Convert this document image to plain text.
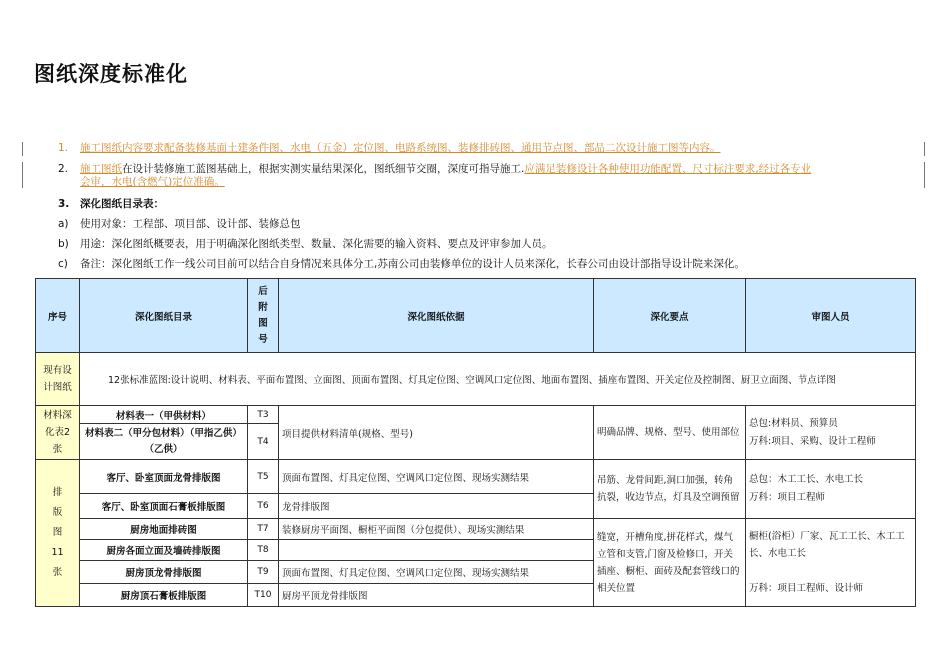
图纸深度标准化
1. 施工图纸内容要求配备装修基面土建条件图、水电（五金）定位图、电路系统图、装修排砖图、通用节点图、部品二次设计施工图等内容。
2. 施工图纸在设计装修施工蓝图基础上，根据实测实量结果深化，图纸细节交圈，深度可指导施工.应满足装修设计各种使用功能配置、尺寸标注要求,经过各专业
会审，水电(含燃气)定位准确。
3. 深化图纸目录表：
a) 使用对象：工程部、项目部、设计部、装修总包
b) 用途：深化图纸概要表，用于明确深化图纸类型、数量、深化需要的输入资料、要点及评审参加人员。
c) 备注：深化图纸工作一线公司目前可以结合自身情况来具体分工,苏南公司由装修单位的设计人员来深化，长春公司由设计部指导设计院来深化。
序号	深化图纸目录	后附图号	深化图纸依据	深化要点	审图人员
现有设计图纸	12张标准蓝图:设计说明、材料表、平面布置图、立面图、顶面布置图、灯具定位图、空调风口定位图、地面布置图、插座布置图、开关定位及控制图、厨卫立面图、节点详图				
材料深化表2张	材料表一（甲供材料）	T3	项目提供材料清单(规格、型号)	明确品牌、规格、型号、使用部位	总包:材料员、预算员
万科:项目、采购、设计工程师

	材料表二（甲分包材料）（甲指乙供）（乙供）	T4			
排版图11张	客厅、卧室顶面龙骨排版图	T5	顶面布置图、灯具定位图、空调风口定位图、现场实测结果	吊筋、龙骨间距,洞口加强，转角抗裂，收边节点，灯具及空调预留	总包：木工工长、水电工长
万科：项目工程师

	客厅、卧室顶面石膏板排版图	T6	龙骨排版图		
	厨房地面排砖图	T7	装修厨房平面图、橱柜平面图（分包提供）、现场实测结果	缝宽，开槽角度,拼花样式，煤气立管和支管,门窗及检修口，开关插座、橱柜、面砖及配套管线口的相关位置	橱柜(浴柜）厂家、瓦工工长、木工工长、水电工长
万科：项目工程师、设计师

	厨房各面立面及墙砖排版图	T8			
	厨房顶龙骨排版图	T9	顶面布置图、灯具定位图、空调风口定位图、现场实测结果		
	厨房顶石膏板排版图	T10	厨房平顶龙骨排版图		
